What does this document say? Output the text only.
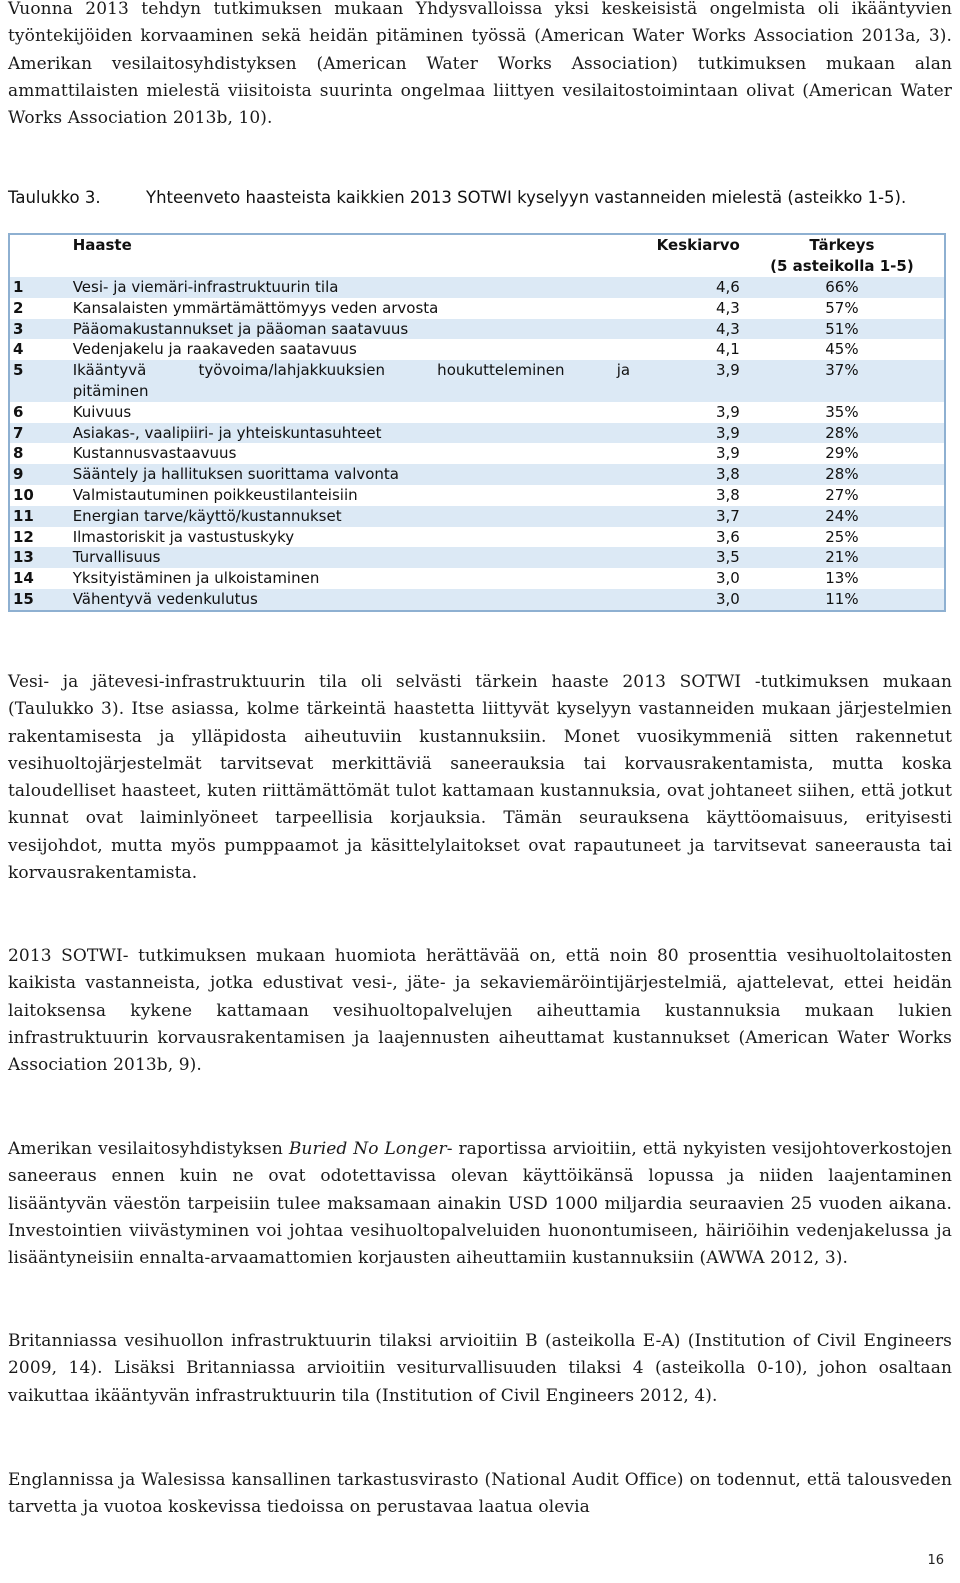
Vuonna 2013 tehdyn tutkimuksen mukaan Yhdysvalloissa yksi keskeisistä ongelmista oli ikääntyvien työntekijöiden korvaaminen sekä heidän pitäminen työssä (American Water Works Association 2013a, 3). Amerikan vesilaitosyhdistyksen (American Water Works Association) tutkimuksen mukaan alan ammattilaisten mielestä viisitoista suurinta ongelmaa liittyen vesilaitostoimintaan olivat (American Water Works Association 2013b, 10).

Taulukko 3.	Yhteenveto haasteista kaikkien 2013 SOTWI kyselyyn vastanneiden mielestä (asteikko 1-5).
	Haaste	Keskiarvo	Tärkeys
(5 asteikolla 1-5)
1	Vesi- ja viemäri-infrastruktuurin tila	4,6	66%
2	Kansalaisten ymmärtämättömyys veden arvosta	4,3	57%
3	Pääomakustannukset ja pääoman saatavuus	4,3	51%
4	Vedenjakelu ja raakaveden saatavuus	4,1	45%
5	Ikääntyvä työvoima/lahjakkuuksien houkutteleminen ja
pitäminen	3,9	37%
6	Kuivuus	3,9	35%
7	Asiakas-, vaalipiiri- ja yhteiskuntasuhteet	3,9	28%
8	Kustannusvastaavuus	3,9	29%
9	Sääntely ja hallituksen suorittama valvonta	3,8	28%
10	Valmistautuminen poikkeustilanteisiin	3,8	27%
11	Energian tarve/käyttö/kustannukset	3,7	24%
12	Ilmastoriskit ja vastustuskyky	3,6	25%
13	Turvallisuus	3,5	21%
14	Yksityistäminen ja ulkoistaminen	3,0	13%
15	Vähentyvä vedenkulutus	3,0	11%

Vesi- ja jätevesi-infrastruktuurin tila oli selvästi tärkein haaste 2013 SOTWI -tutkimuksen mukaan (Taulukko 3). Itse asiassa, kolme tärkeintä haastetta liittyvät kyselyyn vastanneiden mukaan järjestelmien rakentamisesta ja ylläpidosta aiheutuviin kustannuksiin. Monet vuosikymmeniä sitten rakennetut vesihuoltojärjestelmät tarvitsevat merkittäviä saneerauksia tai korvausrakentamista, mutta koska taloudelliset haasteet, kuten riittämättömät tulot kattamaan kustannuksia, ovat johtaneet siihen, että jotkut kunnat ovat laiminlyöneet tarpeellisia korjauksia. Tämän seurauksena käyttöomaisuus, erityisesti vesijohdot, mutta myös pumppaamot ja käsittelylaitokset ovat rapautuneet ja tarvitsevat saneerausta tai korvausrakentamista.

2013 SOTWI- tutkimuksen mukaan huomiota herättävää on, että noin 80 prosenttia vesihuoltolaitosten kaikista vastanneista, jotka edustivat vesi-, jäte- ja sekaviemäröintijärjestelmiä, ajattelevat, ettei heidän laitoksensa kykene kattamaan vesihuoltopalvelujen aiheuttamia kustannuksia mukaan lukien infrastruktuurin korvausrakentamisen ja laajennusten aiheuttamat kustannukset (American Water Works Association 2013b, 9).

Amerikan vesilaitosyhdistyksen Buried No Longer- raportissa arvioitiin, että nykyisten vesijohtoverkostojen saneeraus ennen kuin ne ovat odotettavissa olevan käyttöikänsä lopussa ja niiden laajentaminen lisääntyvän väestön tarpeisiin tulee maksamaan ainakin USD 1000 miljardia seuraavien 25 vuoden aikana. Investointien viivästyminen voi johtaa vesihuoltopalveluiden huonontumiseen, häiriöihin vedenjakelussa ja lisääntyneisiin ennalta-arvaamattomien korjausten aiheuttamiin kustannuksiin (AWWA 2012, 3).

Britanniassa vesihuollon infrastruktuurin tilaksi arvioitiin B (asteikolla E-A) (Institution of Civil Engineers 2009, 14). Lisäksi Britanniassa arvioitiin vesiturvallisuuden tilaksi 4 (asteikolla 0-10), johon osaltaan vaikuttaa ikääntyvän infrastruktuurin tila (Institution of Civil Engineers 2012, 4).

Englannissa ja Walesissa kansallinen tarkastusvirasto (National Audit Office) on todennut, että talousveden tarvetta ja vuotoa koskevissa tiedoissa on perustavaa laatua olevia

16
